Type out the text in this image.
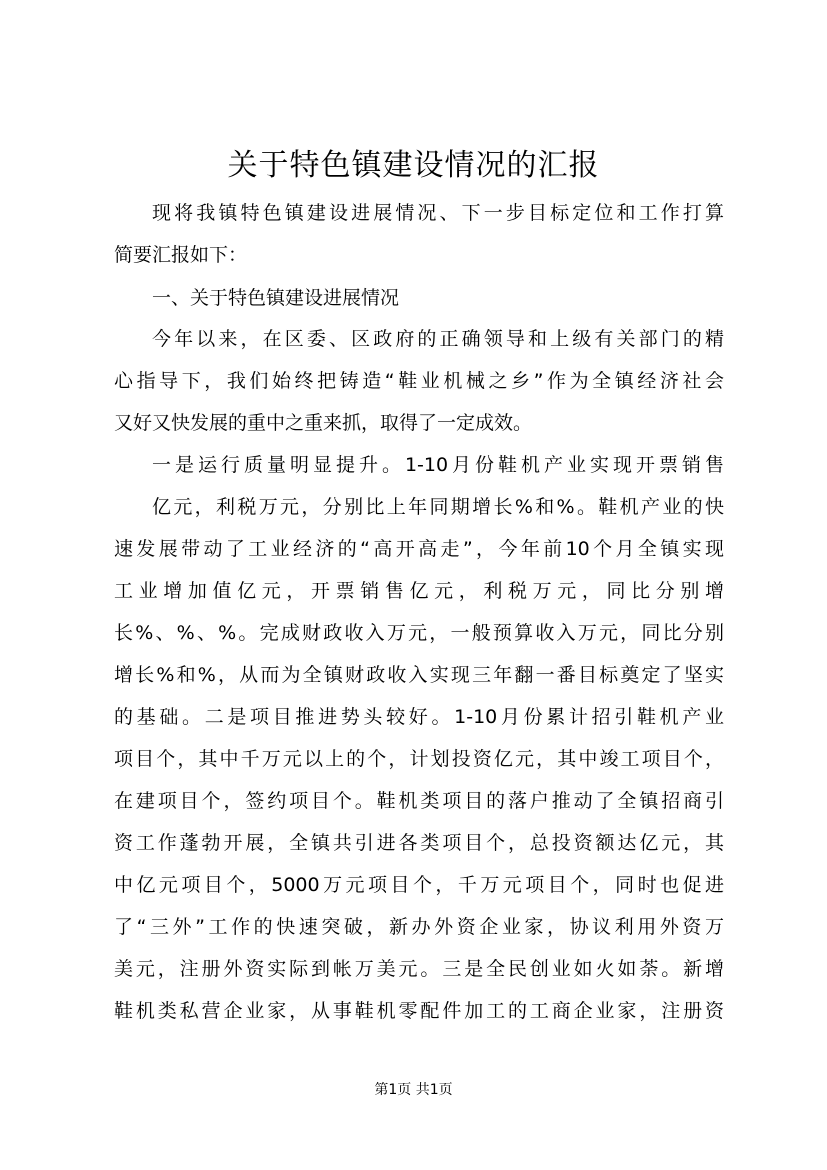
关于特色镇建设情况的汇报
现将我镇特色镇建设进展情况、下一步目标定位和工作打算
简要汇报如下：
一、关于特色镇建设进展情况
今年以来，在区委、区政府的正确领导和上级有关部门的精
心指导下，我们始终把铸造“鞋业机械之乡”作为全镇经济社会
又好又快发展的重中之重来抓，取得了一定成效。
一是运行质量明显提升。1-10月份鞋机产业实现开票销售
亿元，利税万元，分别比上年同期增长%和%。鞋机产业的快
速发展带动了工业经济的“高开高走”，今年前10个月全镇实现
工业增加值亿元，开票销售亿元，利税万元，同比分别增
长%、%、%。完成财政收入万元，一般预算收入万元，同比分别
增长%和%，从而为全镇财政收入实现三年翻一番目标奠定了坚实
的基础。二是项目推进势头较好。1-10月份累计招引鞋机产业
项目个，其中千万元以上的个，计划投资亿元，其中竣工项目个，
在建项目个，签约项目个。鞋机类项目的落户推动了全镇招商引
资工作蓬勃开展，全镇共引进各类项目个，总投资额达亿元，其
中亿元项目个，5000万元项目个，千万元项目个，同时也促进
了“三外”工作的快速突破，新办外资企业家，协议利用外资万
美元，注册外资实际到帐万美元。三是全民创业如火如荼。新增
鞋机类私营企业家，从事鞋机零配件加工的工商企业家，注册资
第1页 共1页
